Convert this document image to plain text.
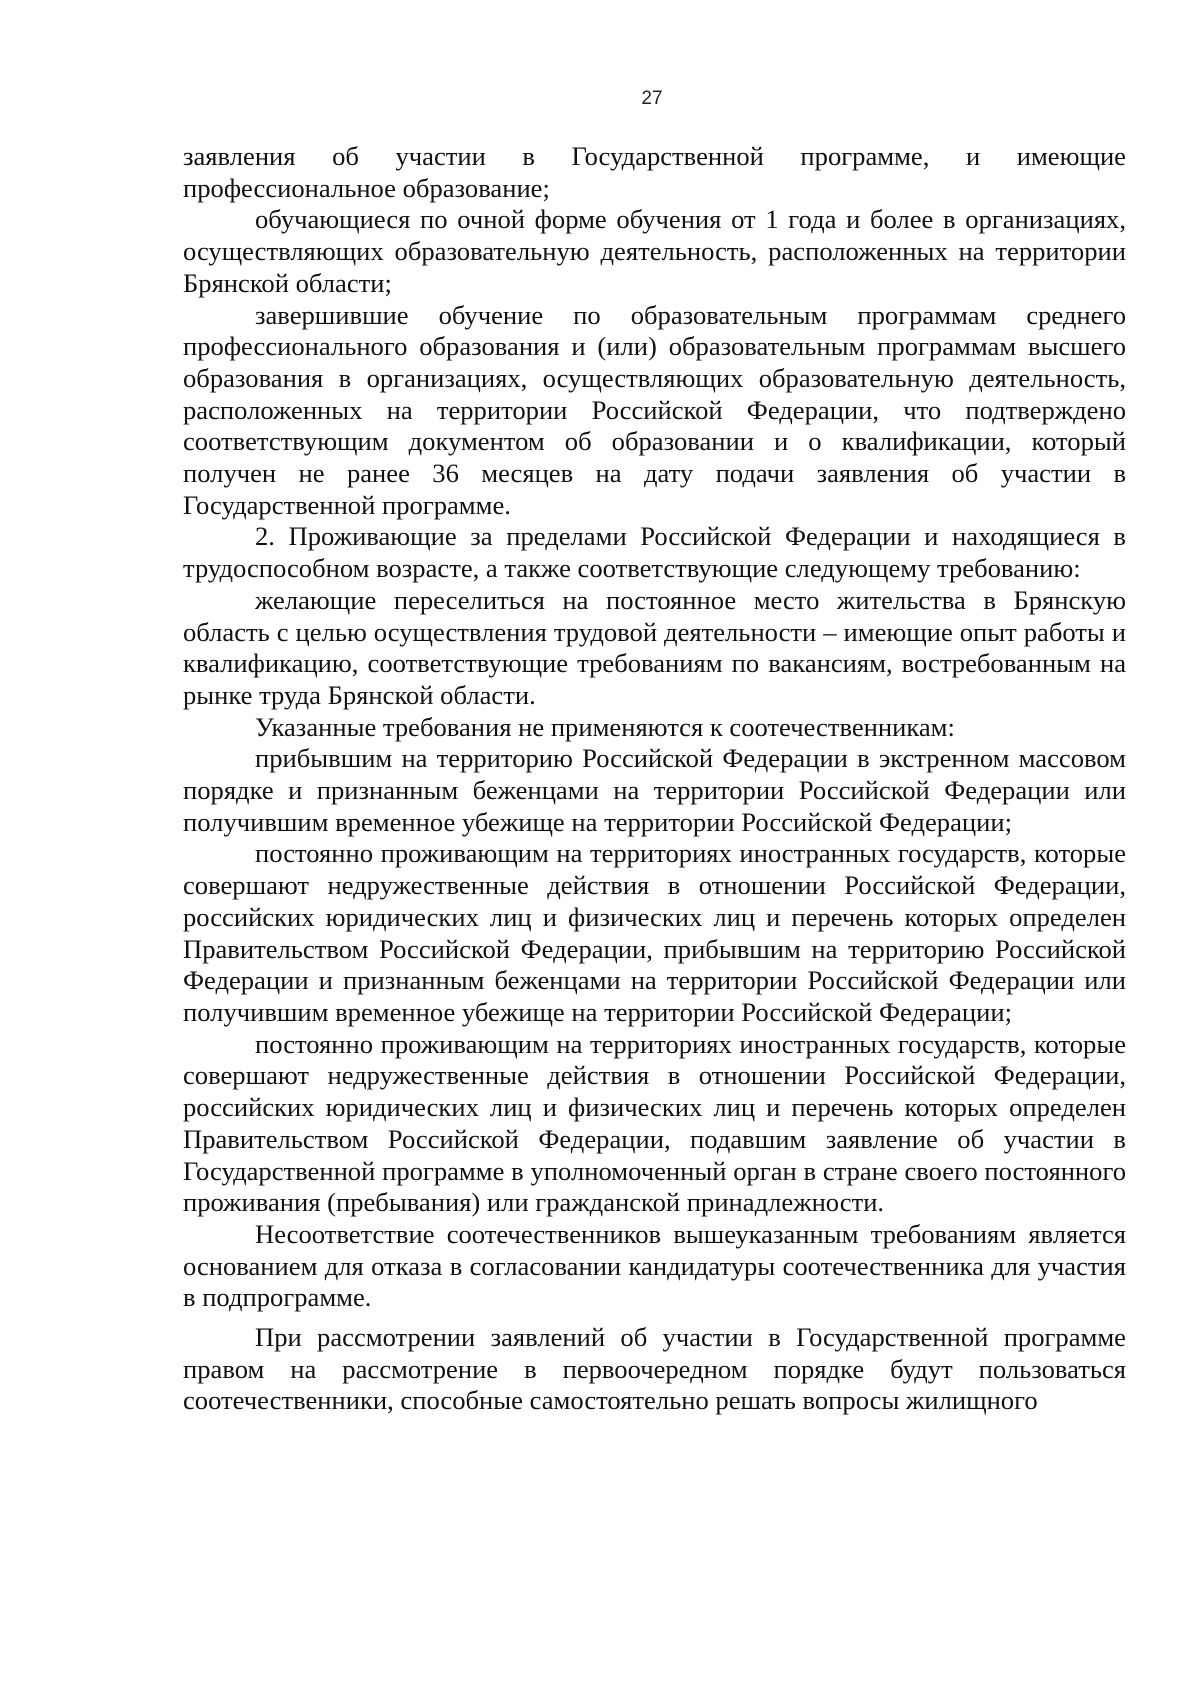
27

заявления об участии в Государственной программе, и имеющие профессиональное образование;

обучающиеся по очной форме обучения от 1 года и более в организациях, осуществляющих образовательную деятельность, расположенных на территории Брянской области;

завершившие обучение по образовательным программам среднего профессионального образования и (или) образовательным программам высшего образования в организациях, осуществляющих образовательную деятельность, расположенных на территории Российской Федерации, что подтверждено соответствующим документом об образовании и о квалификации, который получен не ранее 36 месяцев на дату подачи заявления об участии в Государственной программе.

2. Проживающие за пределами Российской Федерации и находящиеся в трудоспособном возрасте, а также соответствующие следующему требованию:

желающие переселиться на постоянное место жительства в Брянскую область с целью осуществления трудовой деятельности – имеющие опыт работы и квалификацию, соответствующие требованиям по вакансиям, востребованным на рынке труда Брянской области.

Указанные требования не применяются к соотечественникам:

прибывшим на территорию Российской Федерации в экстренном массовом порядке и признанным беженцами на территории Российской Федерации или получившим временное убежище на территории Российской Федерации;

постоянно проживающим на территориях иностранных государств, которые совершают недружественные действия в отношении Российской Федерации, российских юридических лиц и физических лиц и перечень которых определен Правительством Российской Федерации, прибывшим на территорию Российской Федерации и признанным беженцами на территории Российской Федерации или получившим временное убежище на территории Российской Федерации;

постоянно проживающим на территориях иностранных государств, которые совершают недружественные действия в отношении Российской Федерации, российских юридических лиц и физических лиц и перечень которых определен Правительством Российской Федерации, подавшим заявление об участии в Государственной программе в уполномоченный орган в стране своего постоянного проживания (пребывания) или гражданской принадлежности.

Несоответствие соотечественников вышеуказанным требованиям является основанием для отказа в согласовании кандидатуры соотечественника для участия в подпрограмме.

При рассмотрении заявлений об участии в Государственной программе правом на рассмотрение в первоочередном порядке будут пользоваться соотечественники, способные самостоятельно решать вопросы жилищного
